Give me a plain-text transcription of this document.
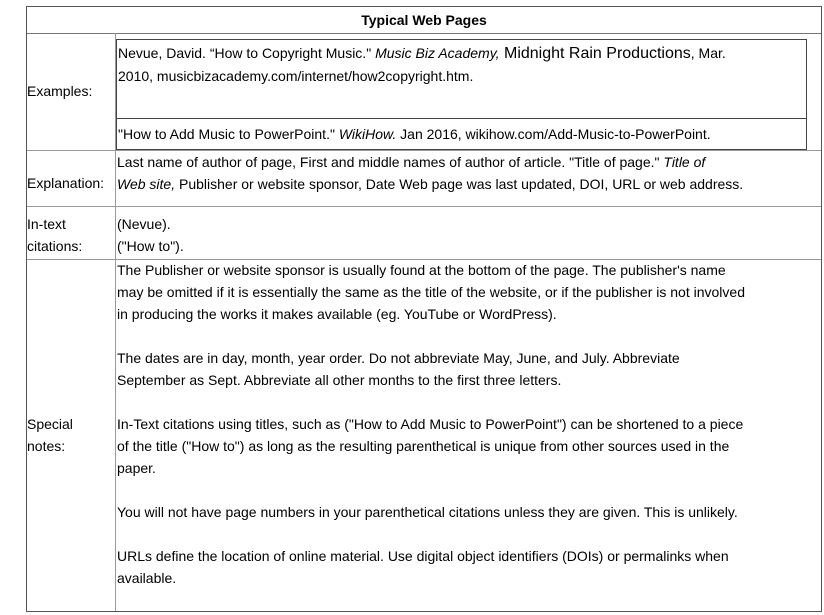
Typical Web Pages
Examples:
Nevue, David. “How to Copyright Music." Music Biz Academy, Midnight Rain Productions, Mar.
2010, musicbizacademy.com/internet/how2copyright.htm.
"How to Add Music to PowerPoint." WikiHow. Jan 2016, wikihow.com/Add-Music-to-PowerPoint.
Explanation:
Last name of author of page, First and middle names of author of article. "Title of page." Title of
Web site, Publisher or website sponsor, Date Web page was last updated, DOI, URL or web address.
In-text
citations:
(Nevue).
("How to").
Special
notes:
The Publisher or website sponsor is usually found at the bottom of the page. The publisher's name
may be omitted if it is essentially the same as the title of the website, or if the publisher is not involved
in producing the works it makes available (eg. YouTube or WordPress).
The dates are in day, month, year order. Do not abbreviate May, June, and July. Abbreviate
September as Sept. Abbreviate all other months to the first three letters.
In-Text citations using titles, such as ("How to Add Music to PowerPoint") can be shortened to a piece
of the title ("How to") as long as the resulting parenthetical is unique from other sources used in the
paper.
You will not have page numbers in your parenthetical citations unless they are given. This is unlikely.
URLs define the location of online material. Use digital object identifiers (DOIs) or permalinks when
available.
